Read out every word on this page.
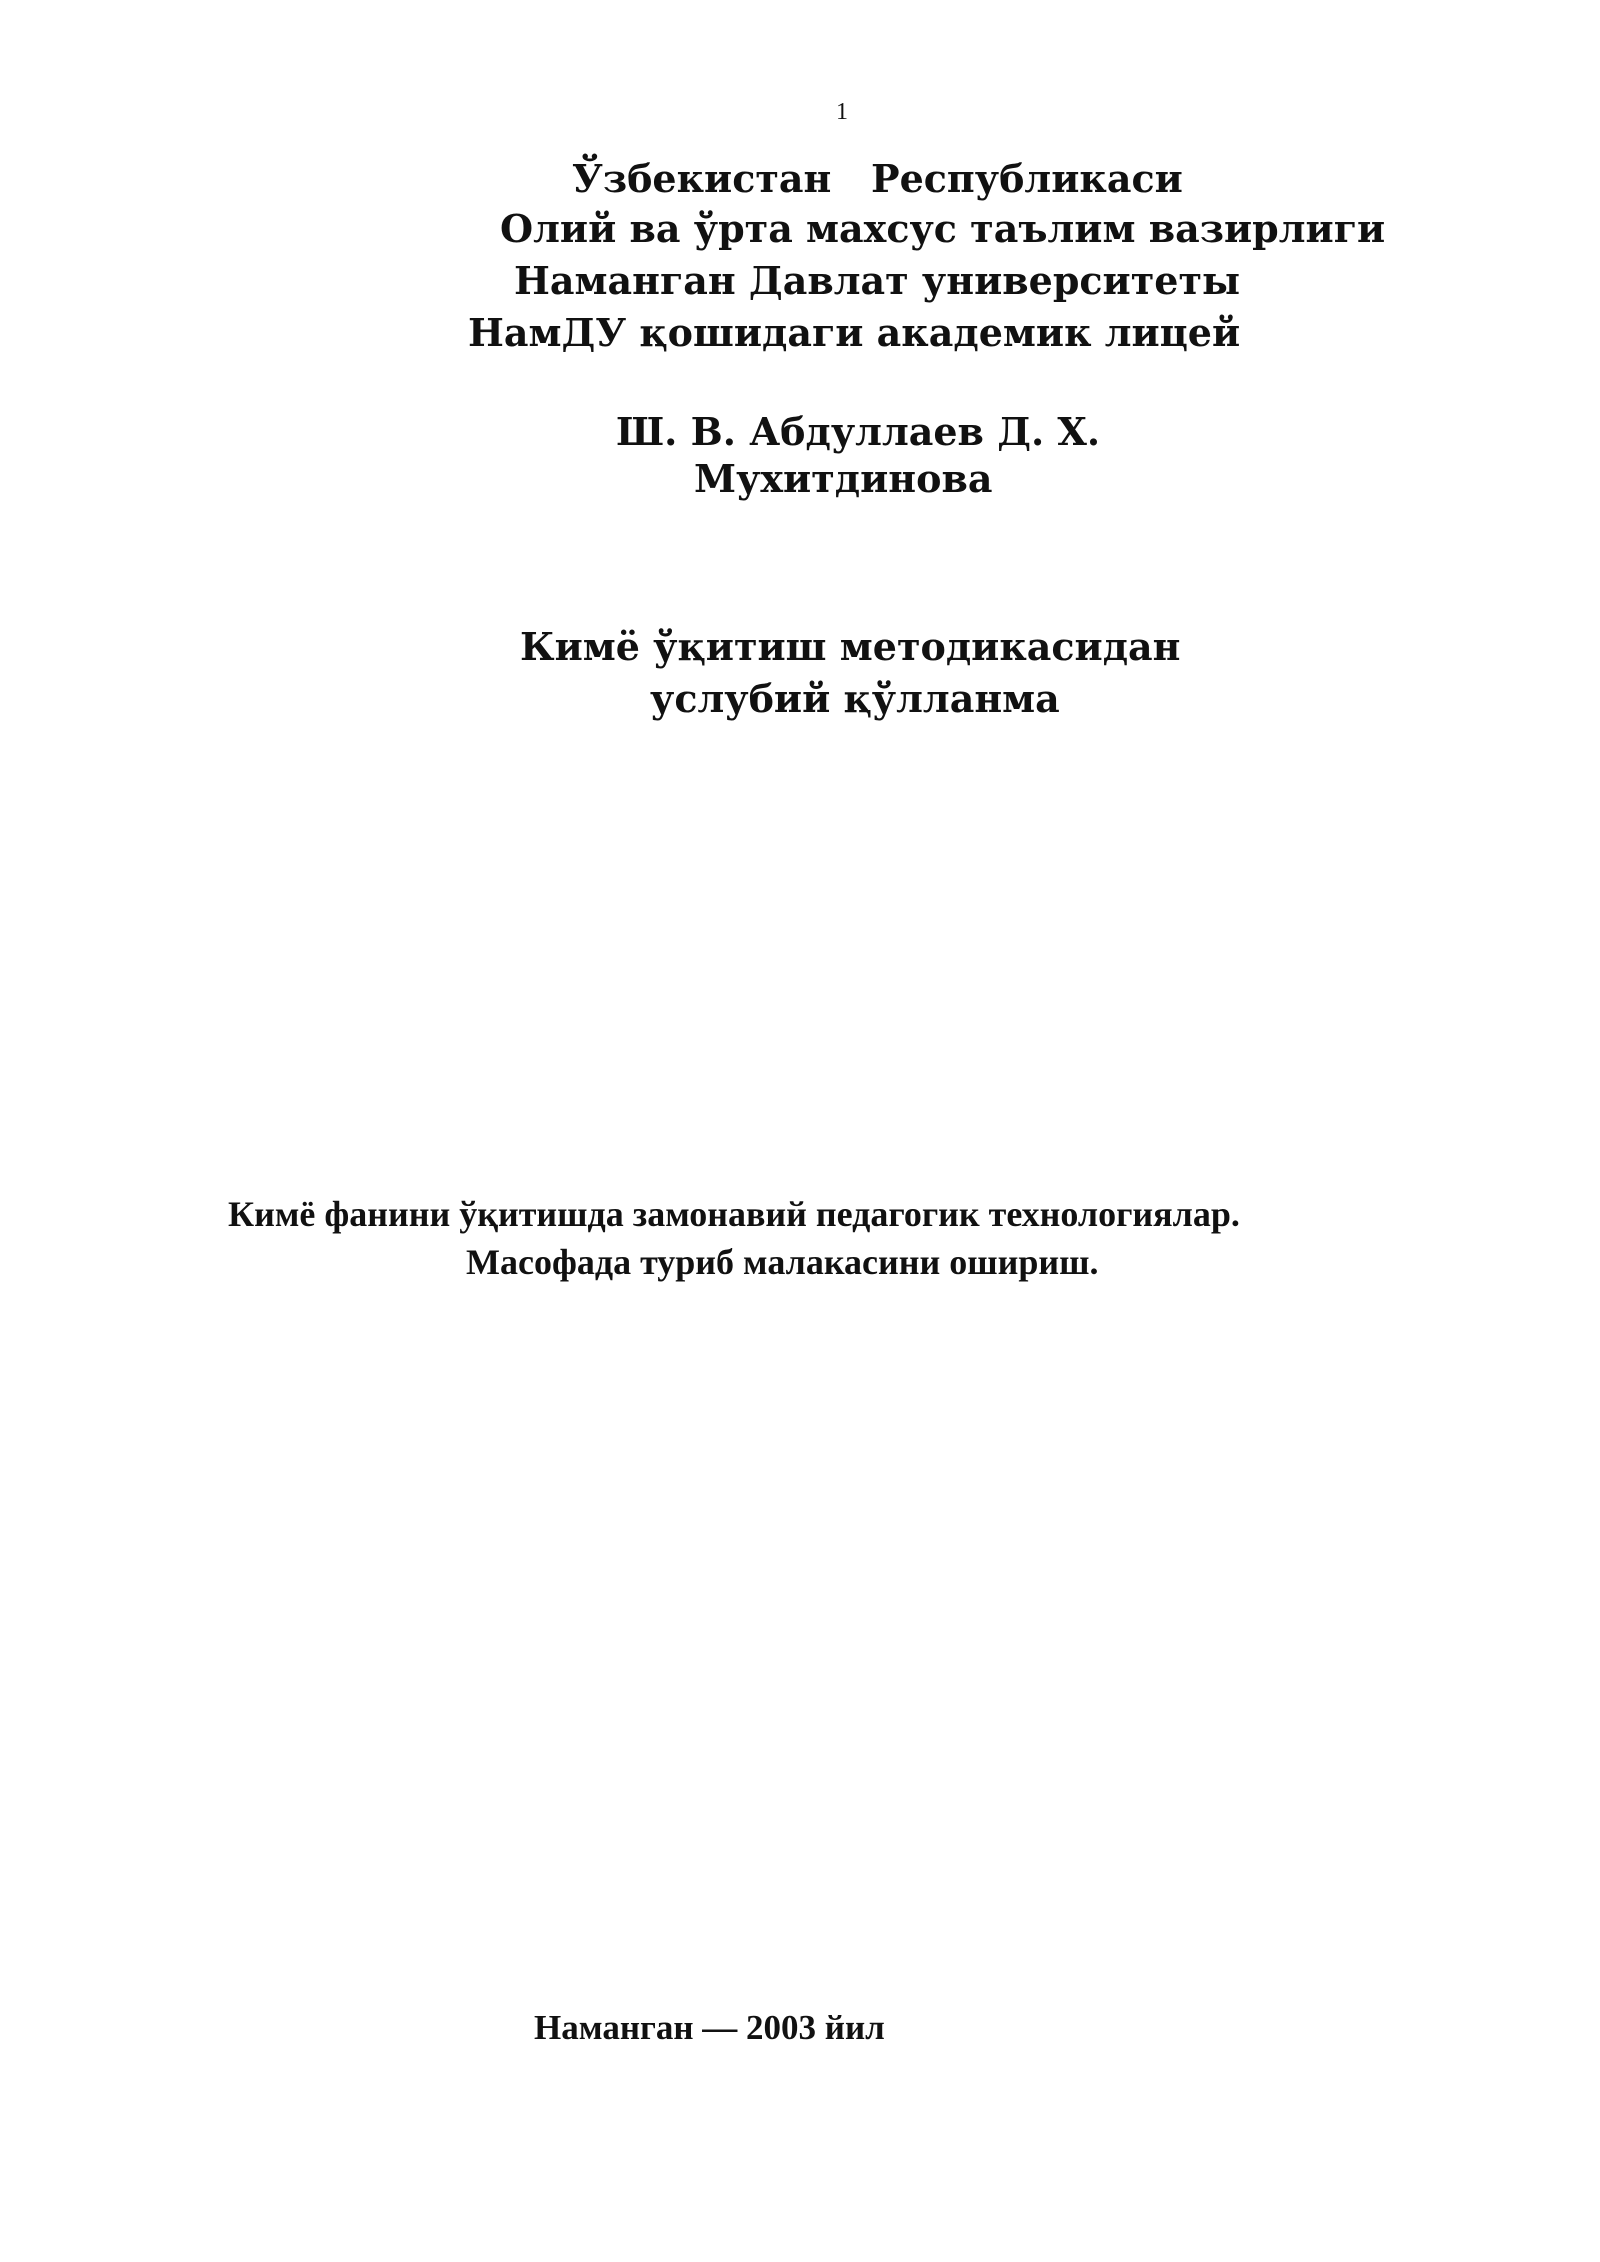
1
Ўзбекистан   Республикаси
Олий ва ўрта махсус таълим вазирлиги
Наманган Давлат университеты
НамДУ қошидаги академик лицей
Ш. В. Абдуллаев Д. Х.
Мухитдинова
Кимё ўқитиш методикасидан
услубий қўлланма
Кимё фанини ўқитишда замонавий педагогик технологиялар.
Масофада туриб малакасини ошириш.
Наманган — 2003 йил
